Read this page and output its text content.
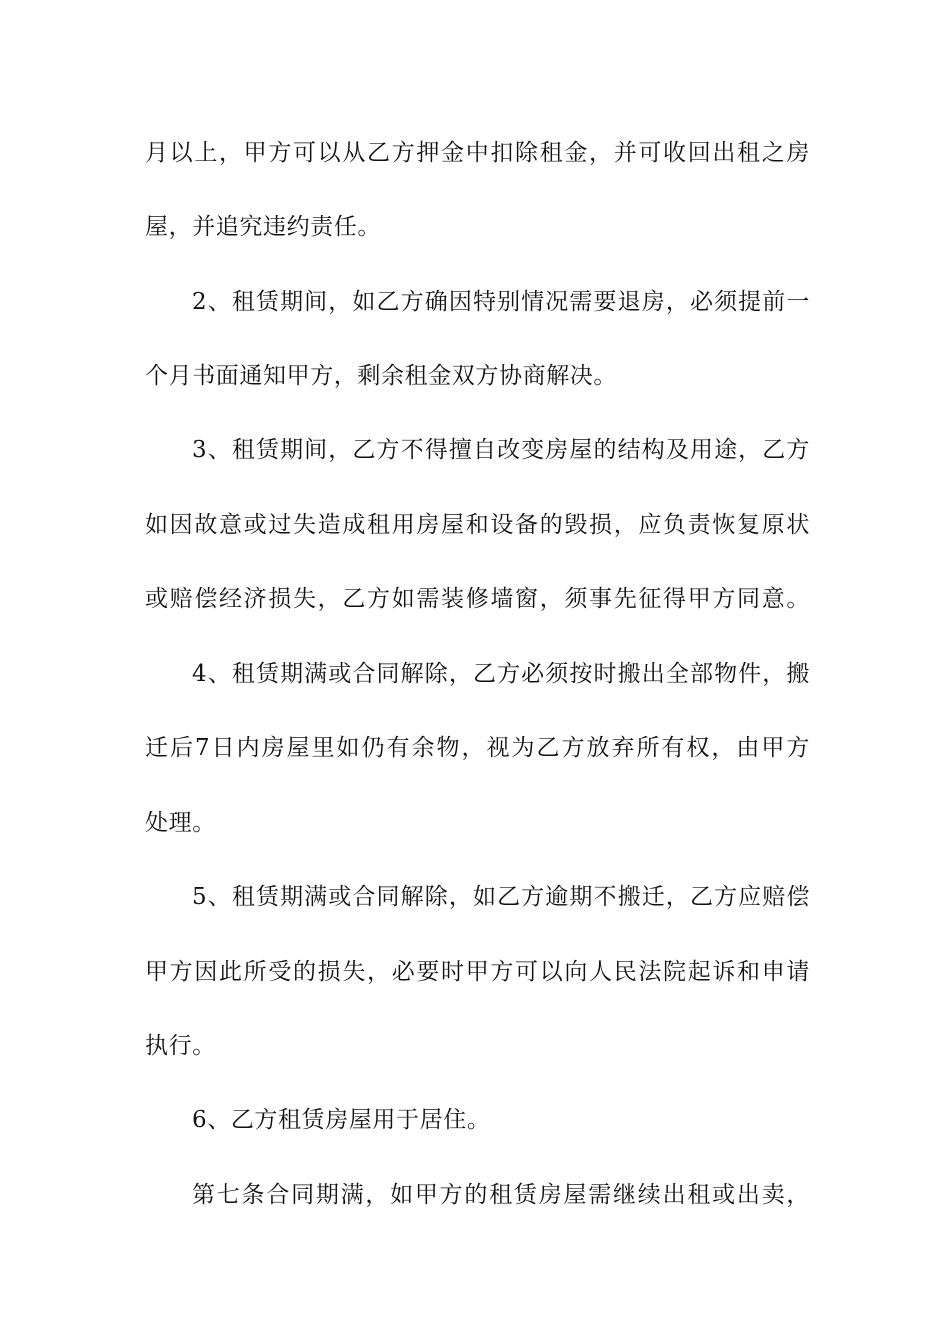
月以上，甲方可以从乙方押金中扣除租金，并可收回出租之房
屋，并追究违约责任。
2、租赁期间，如乙方确因特别情况需要退房，必须提前一
个月书面通知甲方，剩余租金双方协商解决。
3、租赁期间，乙方不得擅自改变房屋的结构及用途，乙方
如因故意或过失造成租用房屋和设备的毁损，应负责恢复原状
或赔偿经济损失，乙方如需装修墙窗，须事先征得甲方同意。
4、租赁期满或合同解除，乙方必须按时搬出全部物件，搬
迁后7日内房屋里如仍有余物，视为乙方放弃所有权，由甲方
处理。
5、租赁期满或合同解除，如乙方逾期不搬迁，乙方应赔偿
甲方因此所受的损失，必要时甲方可以向人民法院起诉和申请
执行。
6、乙方租赁房屋用于居住。
第七条合同期满，如甲方的租赁房屋需继续出租或出卖，
